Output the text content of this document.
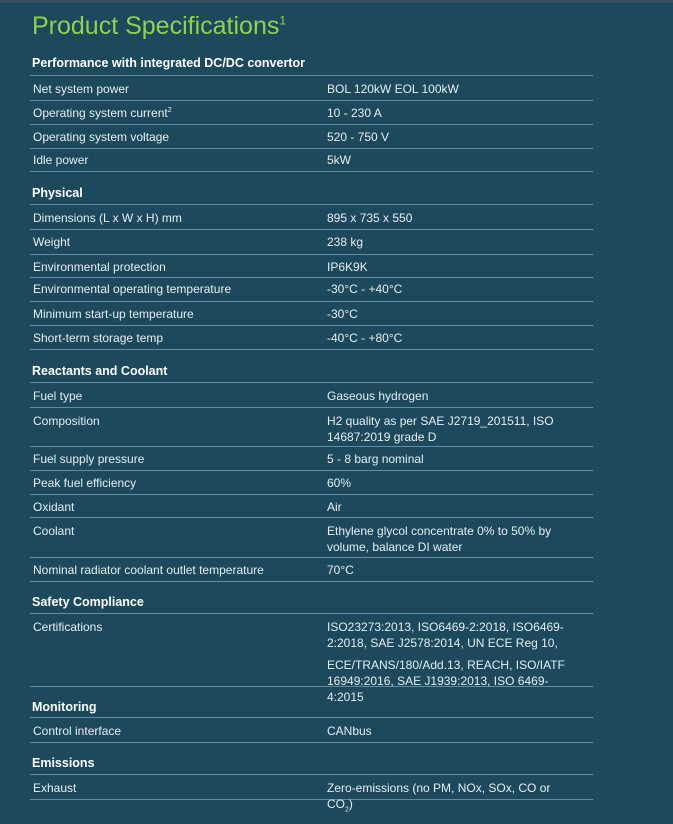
Product Specifications$^1$
Performance with integrated DC/DC convertor
Net system power	BOL 120kW EOL 100kW
Operating system current$^2$	10 - 230 A
Operating system voltage	520 - 750 V
Idle power	5kW
Physical
Dimensions (L x W x H) mm	895 x 735 x 550
Weight	238 kg
Environmental protection	IP6K9K
Environmental operating temperature	-30°C - +40°C
Minimum start-up temperature	-30°C
Short-term storage temp	-40°C - +80°C
Reactants and Coolant
Fuel type	Gaseous hydrogen
Composition	H2 quality as per SAE J2719_201511, ISO
14687:2019 grade D
Fuel supply pressure	5 - 8 barg nominal
Peak fuel efficiency	60%
Oxidant	Air
Coolant	Ethylene glycol concentrate 0% to 50% by
volume, balance DI water
Nominal radiator coolant outlet temperature	70°C
Safety Compliance
Certifications	ISO23273:2013, ISO6469-2:2018, ISO6469-
2:2018, SAE J2578:2014, UN ECE Reg 10,
ECE/TRANS/180/Add.13, REACH, ISO/IATF
16949:2016, SAE J1939:2013, ISO 6469-4:2015
Monitoring
Control interface	CANbus
Emissions
Exhaust	Zero-emissions (no PM, NOx, SOx, CO or $CO_2$)
